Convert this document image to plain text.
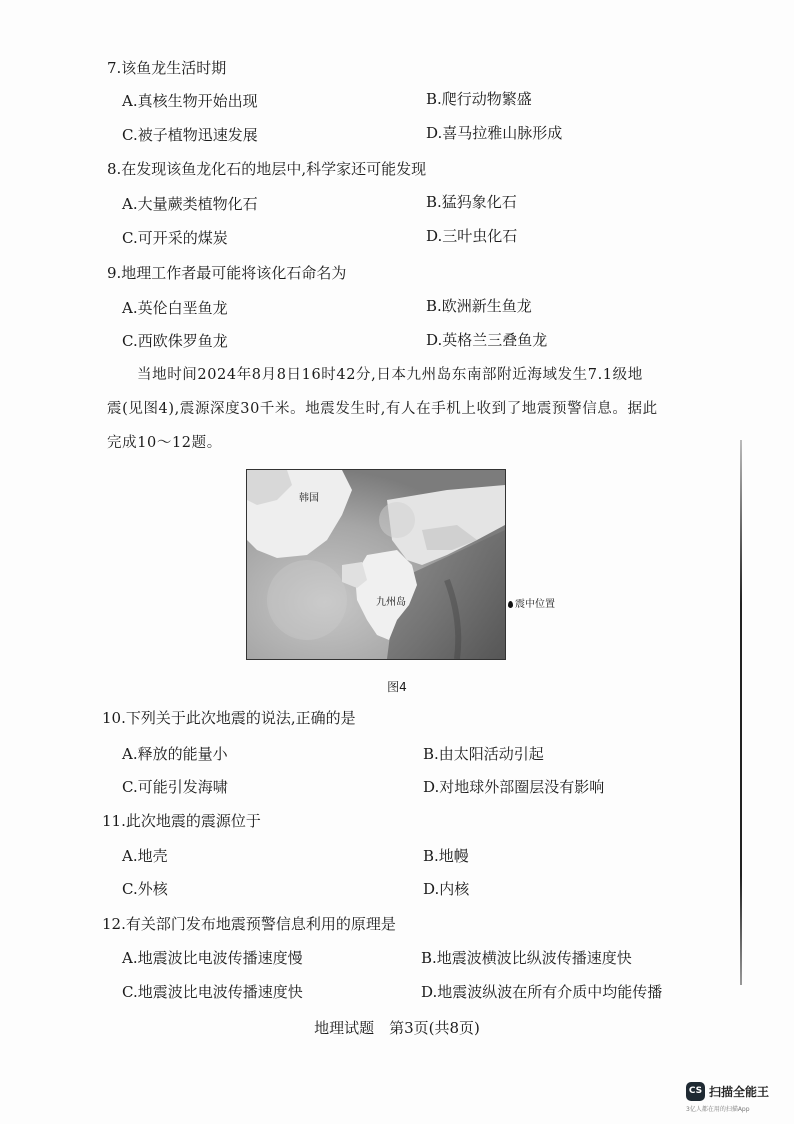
7.该鱼龙生活时期
A.真核生物开始出现	B.爬行动物繁盛
C.被子植物迅速发展	D.喜马拉雅山脉形成
8.在发现该鱼龙化石的地层中,科学家还可能发现
A.大量蕨类植物化石	B.猛犸象化石
C.可开采的煤炭	D.三叶虫化石
9.地理工作者最可能将该化石命名为
A.英伦白垩鱼龙	B.欧洲新生鱼龙
C.西欧侏罗鱼龙	D.英格兰三叠鱼龙
当地时间2024年8月8日16时42分,日本九州岛东南部附近海域发生7.1级地
震(见图4),震源深度30千米。地震发生时,有人在手机上收到了地震预警信息。据此
完成10～12题。
韩国
九州岛	震中位置
图4
10.下列关于此次地震的说法,正确的是
A.释放的能量小	B.由太阳活动引起
C.可能引发海啸	D.对地球外部圈层没有影响
11.此次地震的震源位于
A.地壳	B.地幔
C.外核	D.内核
12.有关部门发布地震预警信息利用的原理是
A.地震波比电波传播速度慢	B.地震波横波比纵波传播速度快
C.地震波比电波传播速度快	D.地震波纵波在所有介质中均能传播
地理试题　第3页(共8页)
CS 扫描全能王
3亿人都在用的扫描App
